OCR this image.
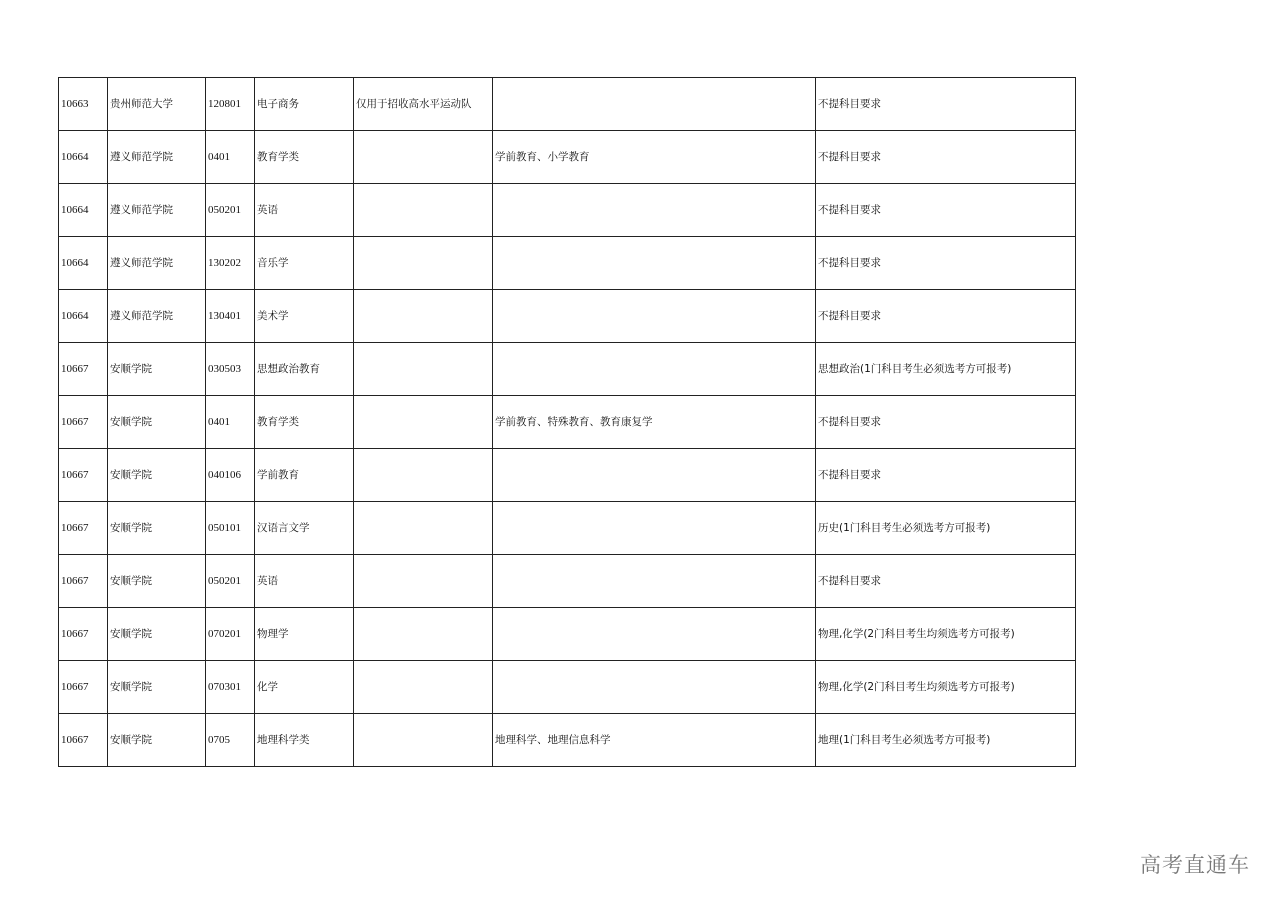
10663	贵州师范大学	120801	电子商务	仅用于招收高水平运动队		不提科目要求
10664	遵义师范学院	0401	教育学类		学前教育、小学教育	不提科目要求
10664	遵义师范学院	050201	英语			不提科目要求
10664	遵义师范学院	130202	音乐学			不提科目要求
10664	遵义师范学院	130401	美术学			不提科目要求
10667	安顺学院	030503	思想政治教育			思想政治(1门科目考生必须选考方可报考)
10667	安顺学院	0401	教育学类		学前教育、特殊教育、教育康复学	不提科目要求
10667	安顺学院	040106	学前教育			不提科目要求
10667	安顺学院	050101	汉语言文学			历史(1门科目考生必须选考方可报考)
10667	安顺学院	050201	英语			不提科目要求
10667	安顺学院	070201	物理学			物理,化学(2门科目考生均须选考方可报考)
10667	安顺学院	070301	化学			物理,化学(2门科目考生均须选考方可报考)
10667	安顺学院	0705	地理科学类		地理科学、地理信息科学	地理(1门科目考生必须选考方可报考)
高考直通车
